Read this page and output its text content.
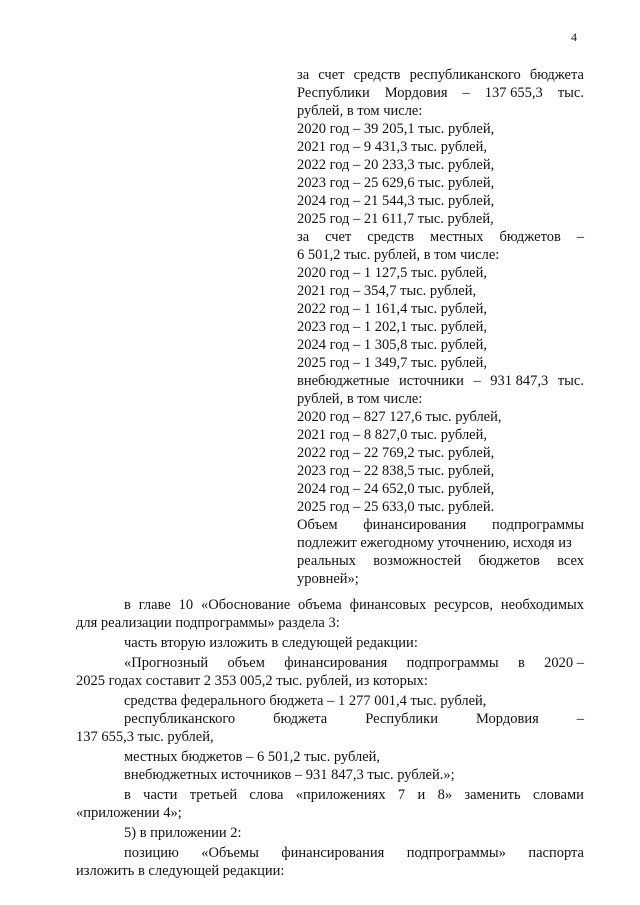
4
за счет средств республиканского бюджета
Республики Мордовия – 137 655,3 тыс.
рублей, в том числе:
2020 год – 39 205,1 тыс. рублей,
2021 год – 9 431,3 тыс. рублей,
2022 год – 20 233,3 тыс. рублей,
2023 год – 25 629,6 тыс. рублей,
2024 год – 21 544,3 тыс. рублей,
2025 год – 21 611,7 тыс. рублей,
за счет средств местных бюджетов –
6 501,2 тыс. рублей, в том числе:
2020 год – 1 127,5 тыс. рублей,
2021 год – 354,7 тыс. рублей,
2022 год – 1 161,4 тыс. рублей,
2023 год – 1 202,1 тыс. рублей,
2024 год – 1 305,8 тыс. рублей,
2025 год – 1 349,7 тыс. рублей,
внебюджетные источники – 931 847,3 тыс.
рублей, в том числе:
2020 год – 827 127,6 тыс. рублей,
2021 год – 8 827,0 тыс. рублей,
2022 год – 22 769,2 тыс. рублей,
2023 год – 22 838,5 тыс. рублей,
2024 год – 24 652,0 тыс. рублей,
2025 год – 25 633,0 тыс. рублей.
Объем финансирования подпрограммы
подлежит ежегодному уточнению, исходя из
реальных возможностей бюджетов всех
уровней»;
в главе 10 «Обоснование объема финансовых ресурсов, необходимых
для реализации подпрограммы» раздела 3:
часть вторую изложить в следующей редакции:
«Прогнозный объем финансирования подпрограммы в 2020 –
2025 годах составит 2 353 005,2 тыс. рублей, из которых:
средства федерального бюджета – 1 277 001,4 тыс. рублей,
республиканского	бюджета	Республики	Мордовия	–
137 655,3 тыс. рублей,
местных бюджетов – 6 501,2 тыс. рублей,
внебюджетных источников – 931 847,3 тыс. рублей.»;
в части третьей слова «приложениях 7 и 8» заменить словами
«приложении 4»;
5) в приложении 2:
позицию «Объемы финансирования подпрограммы» паспорта
изложить в следующей редакции:
